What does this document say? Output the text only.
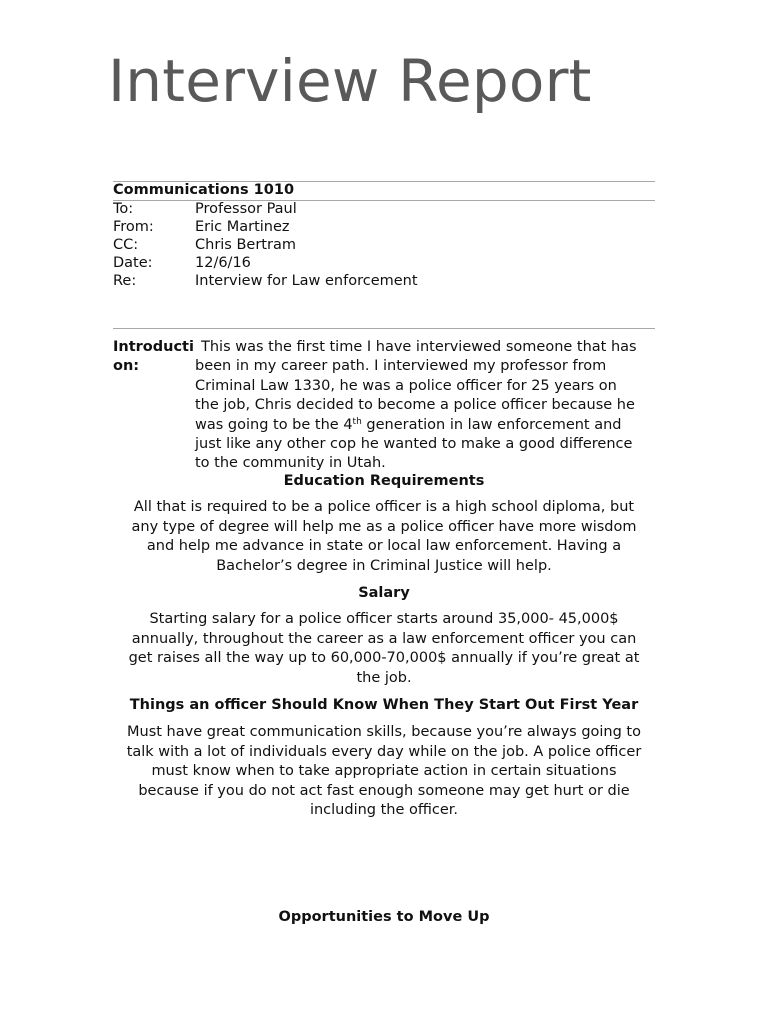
Interview Report
Communications 1010
To:	Professor Paul
From:	Eric Martinez
CC:	Chris Bertram
Date:	12/6/16
Re:	Interview for Law enforcement
Introduction:
This was the first time I have interviewed someone that has
been in my career path. I interviewed my professor from
Criminal Law 1330, he was a police officer for 25 years on
the job, Chris decided to become a police officer because he
was going to be the 4th generation in law enforcement and
just like any other cop he wanted to make a good difference
to the community in Utah.
Education Requirements
All that is required to be a police officer is a high school diploma, but
any type of degree will help me as a police officer have more wisdom
and help me advance in state or local law enforcement. Having a
Bachelor’s degree in Criminal Justice will help.
Salary
Starting salary for a police officer starts around 35,000- 45,000$
annually, throughout the career as a law enforcement officer you can
get raises all the way up to 60,000-70,000$ annually if you’re great at
the job.
Things an officer Should Know When They Start Out First Year
Must have great communication skills, because you’re always going to
talk with a lot of individuals every day while on the job. A police officer
must know when to take appropriate action in certain situations
because if you do not act fast enough someone may get hurt or die
including the officer.
Opportunities to Move Up
